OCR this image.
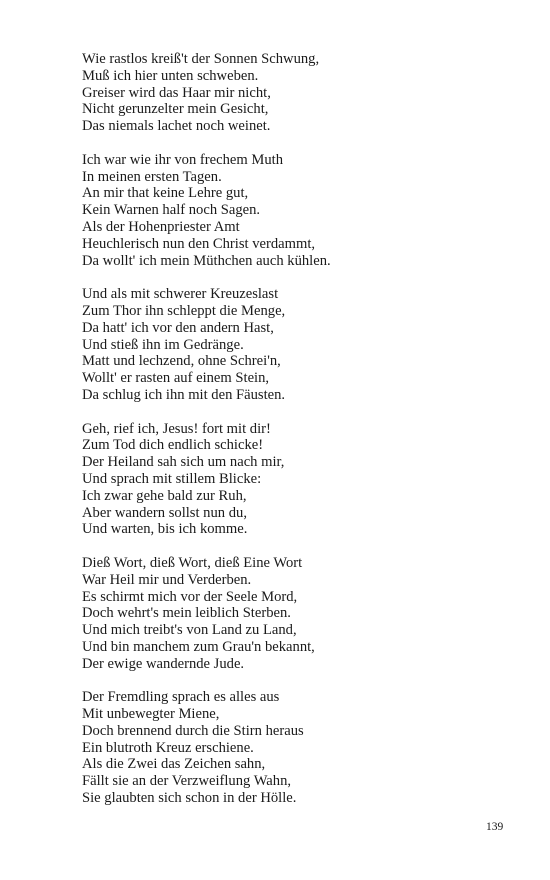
Wie rastlos kreiß't der Sonnen Schwung,
Muß ich hier unten schweben.
Greiser wird das Haar mir nicht,
Nicht gerunzelter mein Gesicht,
Das niemals lachet noch weinet.
Ich war wie ihr von frechem Muth
In meinen ersten Tagen.
An mir that keine Lehre gut,
Kein Warnen half noch Sagen.
Als der Hohenpriester Amt
Heuchlerisch nun den Christ verdammt,
Da wollt' ich mein Müthchen auch kühlen.
Und als mit schwerer Kreuzeslast
Zum Thor ihn schleppt die Menge,
Da hatt' ich vor den andern Hast,
Und stieß ihn im Gedränge.
Matt und lechzend, ohne Schrei'n,
Wollt' er rasten auf einem Stein,
Da schlug ich ihn mit den Fäusten.
Geh, rief ich, Jesus! fort mit dir!
Zum Tod dich endlich schicke!
Der Heiland sah sich um nach mir,
Und sprach mit stillem Blicke:
Ich zwar gehe bald zur Ruh,
Aber wandern sollst nun du,
Und warten, bis ich komme.
Dieß Wort, dieß Wort, dieß Eine Wort
War Heil mir und Verderben.
Es schirmt mich vor der Seele Mord,
Doch wehrt's mein leiblich Sterben.
Und mich treibt's von Land zu Land,
Und bin manchem zum Grau'n bekannt,
Der ewige wandernde Jude.
Der Fremdling sprach es alles aus
Mit unbewegter Miene,
Doch brennend durch die Stirn heraus
Ein blutroth Kreuz erschiene.
Als die Zwei das Zeichen sahn,
Fällt sie an der Verzweiflung Wahn,
Sie glaubten sich schon in der Hölle.
139
